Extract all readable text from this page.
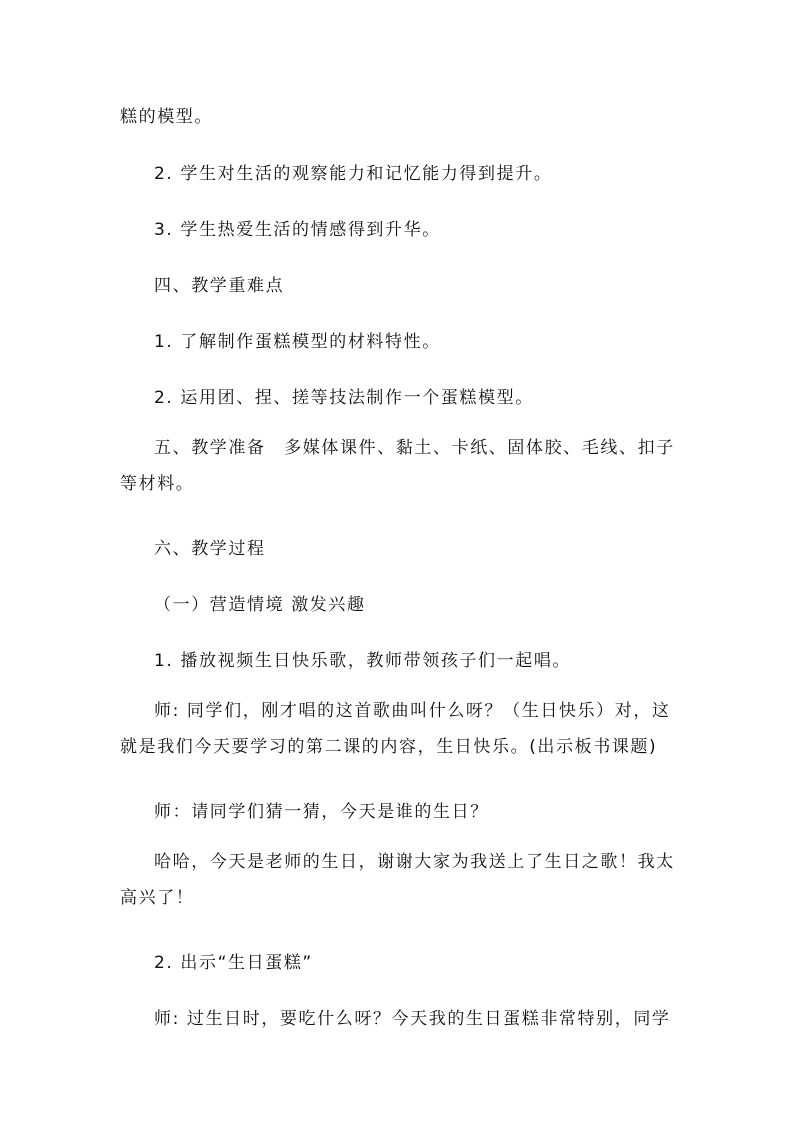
糕的模型。
2. 学生对生活的观察能力和记忆能力得到提升。
3. 学生热爱生活的情感得到升华。
四、教学重难点
1. 了解制作蛋糕模型的材料特性。
2. 运用团、捏、搓等技法制作一个蛋糕模型。
五、教学准备　多媒体课件、黏土、卡纸、固体胶、毛线、扣子等材料。
六、教学过程
（一）营造情境 激发兴趣
1. 播放视频生日快乐歌，教师带领孩子们一起唱。
师: 同学们，刚才唱的这首歌曲叫什么呀？（生日快乐）对，这就是我们今天要学习的第二课的内容，生日快乐。(出示板书课题)
师：请同学们猜一猜，今天是谁的生日？
哈哈，今天是老师的生日，谢谢大家为我送上了生日之歌！我太高兴了！
2. 出示“生日蛋糕”
师: 过生日时，要吃什么呀？今天我的生日蛋糕非常特别，同学
